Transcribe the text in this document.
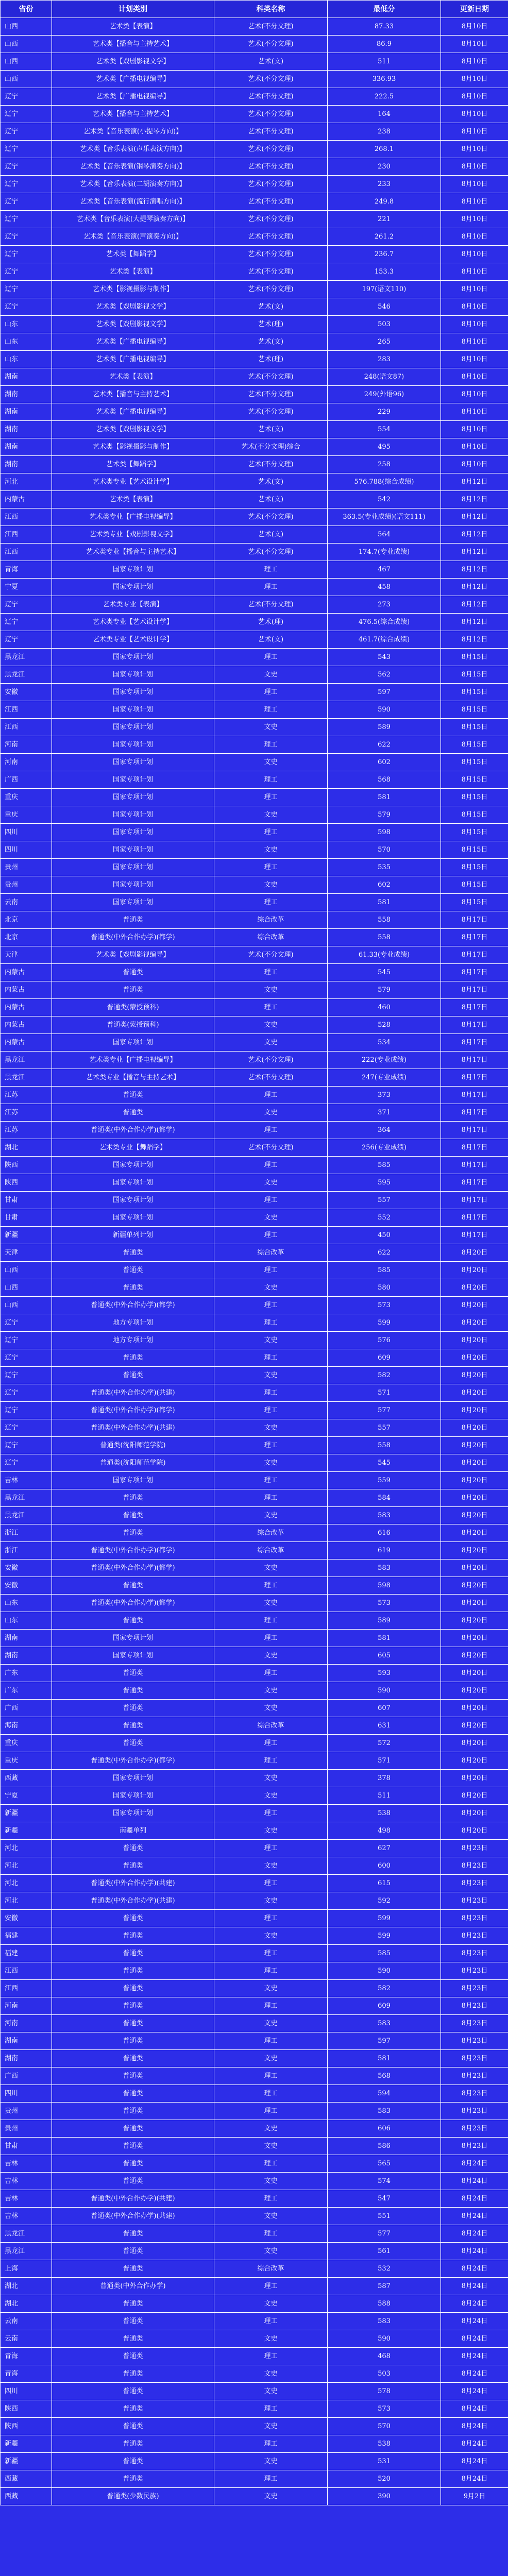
省份	计划类别	科类名称	最低分	更新日期
山西	艺术类【表演】	艺术(不分文理)	87.33	8月10日
山西	艺术类【播音与主持艺术】	艺术(不分文理)	86.9	8月10日
山西	艺术类【戏剧影视文学】	艺术(文)	511	8月10日
山西	艺术类【广播电视编导】	艺术(不分文理)	336.93	8月10日
辽宁	艺术类【广播电视编导】	艺术(不分文理)	222.5	8月10日
辽宁	艺术类【播音与主持艺术】	艺术(不分文理)	164	8月10日
辽宁	艺术类【音乐表演(小提琴方向)】	艺术(不分文理)	238	8月10日
辽宁	艺术类【音乐表演(声乐表演方向)】	艺术(不分文理)	268.1	8月10日
辽宁	艺术类【音乐表演(钢琴演奏方向)】	艺术(不分文理)	230	8月10日
辽宁	艺术类【音乐表演(二胡演奏方向)】	艺术(不分文理)	233	8月10日
辽宁	艺术类【音乐表演(流行演唱方向)】	艺术(不分文理)	249.8	8月10日
辽宁	艺术类【音乐表演(大提琴演奏方向)】	艺术(不分文理)	221	8月10日
辽宁	艺术类【音乐表演(声演奏方向)】	艺术(不分文理)	261.2	8月10日
辽宁	艺术类【舞蹈学】	艺术(不分文理)	236.7	8月10日
辽宁	艺术类【表演】	艺术(不分文理)	153.3	8月10日
辽宁	艺术类【影视摄影与制作】	艺术(不分文理)	197(语文110)	8月10日
辽宁	艺术类【戏剧影视文学】	艺术(文)	546	8月10日
山东	艺术类【戏剧影视文学】	艺术(理)	503	8月10日
山东	艺术类【广播电视编导】	艺术(文)	265	8月10日
山东	艺术类【广播电视编导】	艺术(理)	283	8月10日
湖南	艺术类【表演】	艺术(不分文理)	248(语文87)	8月10日
湖南	艺术类【播音与主持艺术】	艺术(不分文理)	249(外语96)	8月10日
湖南	艺术类【广播电视编导】	艺术(不分文理)	229	8月10日
湖南	艺术类【戏剧影视文学】	艺术(文)	554	8月10日
湖南	艺术类【影视摄影与制作】	艺术(不分文理)综合	495	8月10日
湖南	艺术类【舞蹈学】	艺术(不分文理)	258	8月10日
河北	艺术类专业【艺术设计学】	艺术(文)	576.788(综合成绩)	8月12日
内蒙古	艺术类【表演】	艺术(文)	542	8月12日
江西	艺术类专业【广播电视编导】	艺术(不分文理)	363.5(专业成绩)(语文111)	8月12日
江西	艺术类专业【戏剧影视文学】	艺术(文)	564	8月12日
江西	艺术类专业【播音与主持艺术】	艺术(不分文理)	174.7(专业成绩)	8月12日
青海	国家专项计划	理工	467	8月12日
宁夏	国家专项计划	理工	458	8月12日
辽宁	艺术类专业【表演】	艺术(不分文理)	273	8月12日
辽宁	艺术类专业【艺术设计学】	艺术(理)	476.5(综合成绩)	8月12日
辽宁	艺术类专业【艺术设计学】	艺术(文)	461.7(综合成绩)	8月12日
黑龙江	国家专项计划	理工	543	8月15日
黑龙江	国家专项计划	文史	562	8月15日
安徽	国家专项计划	理工	597	8月15日
江西	国家专项计划	理工	590	8月15日
江西	国家专项计划	文史	589	8月15日
河南	国家专项计划	理工	622	8月15日
河南	国家专项计划	文史	602	8月15日
广西	国家专项计划	理工	568	8月15日
重庆	国家专项计划	理工	581	8月15日
重庆	国家专项计划	文史	579	8月15日
四川	国家专项计划	理工	598	8月15日
四川	国家专项计划	文史	570	8月15日
贵州	国家专项计划	理工	535	8月15日
贵州	国家专项计划	文史	602	8月15日
云南	国家专项计划	理工	581	8月15日
北京	普通类	综合改革	558	8月17日
北京	普通类(中外合作办学)(都学)	综合改革	558	8月17日
天津	艺术类【戏剧影视编导】	艺术(不分文理)	61.33(专业成绩)	8月17日
内蒙古	普通类	理工	545	8月17日
内蒙古	普通类	文史	579	8月17日
内蒙古	普通类(蒙授预科)	理工	460	8月17日
内蒙古	普通类(蒙授预科)	文史	528	8月17日
内蒙古	国家专项计划	文史	534	8月17日
黑龙江	艺术类专业【广播电视编导】	艺术(不分文理)	222(专业成绩)	8月17日
黑龙江	艺术类专业【播音与主持艺术】	艺术(不分文理)	247(专业成绩)	8月17日
江苏	普通类	理工	373	8月17日
江苏	普通类	文史	371	8月17日
江苏	普通类(中外合作办学)(都学)	理工	364	8月17日
湖北	艺术类专业【舞蹈学】	艺术(不分文理)	256(专业成绩)	8月17日
陕西	国家专项计划	理工	585	8月17日
陕西	国家专项计划	文史	595	8月17日
甘肃	国家专项计划	理工	557	8月17日
甘肃	国家专项计划	文史	552	8月17日
新疆	新疆单列计划	理工	450	8月17日
天津	普通类	综合改革	622	8月20日
山西	普通类	理工	585	8月20日
山西	普通类	文史	580	8月20日
山西	普通类(中外合作办学)(都学)	理工	573	8月20日
辽宁	地方专项计划	理工	599	8月20日
辽宁	地方专项计划	文史	576	8月20日
辽宁	普通类	理工	609	8月20日
辽宁	普通类	文史	582	8月20日
辽宁	普通类(中外合作办学)(共建)	理工	571	8月20日
辽宁	普通类(中外合作办学)(都学)	理工	577	8月20日
辽宁	普通类(中外合作办学)(共建)	文史	557	8月20日
辽宁	普通类(沈阳师范学院)	理工	558	8月20日
辽宁	普通类(沈阳师范学院)	文史	545	8月20日
吉林	国家专项计划	理工	559	8月20日
黑龙江	普通类	理工	584	8月20日
黑龙江	普通类	文史	583	8月20日
浙江	普通类	综合改革	616	8月20日
浙江	普通类(中外合作办学)(都学)	综合改革	619	8月20日
安徽	普通类(中外合作办学)(都学)	文史	583	8月20日
安徽	普通类	理工	598	8月20日
山东	普通类(中外合作办学)(都学)	文史	573	8月20日
山东	普通类	理工	589	8月20日
湖南	国家专项计划	理工	581	8月20日
湖南	国家专项计划	文史	605	8月20日
广东	普通类	理工	593	8月20日
广东	普通类	文史	590	8月20日
广西	普通类	文史	607	8月20日
海南	普通类	综合改革	631	8月20日
重庆	普通类	理工	572	8月20日
重庆	普通类(中外合作办学)(都学)	理工	571	8月20日
西藏	国家专项计划	文史	378	8月20日
宁夏	国家专项计划	文史	511	8月20日
新疆	国家专项计划	理工	538	8月20日
新疆	南疆单列	文史	498	8月20日
河北	普通类	理工	627	8月23日
河北	普通类	文史	600	8月23日
河北	普通类(中外合作办学)(共建)	理工	615	8月23日
河北	普通类(中外合作办学)(共建)	文史	592	8月23日
安徽	普通类	理工	599	8月23日
福建	普通类	文史	599	8月23日
福建	普通类	理工	585	8月23日
江西	普通类	理工	590	8月23日
江西	普通类	文史	582	8月23日
河南	普通类	理工	609	8月23日
河南	普通类	文史	583	8月23日
湖南	普通类	理工	597	8月23日
湖南	普通类	文史	581	8月23日
广西	普通类	理工	568	8月23日
四川	普通类	理工	594	8月23日
贵州	普通类	理工	583	8月23日
贵州	普通类	文史	606	8月23日
甘肃	普通类	文史	586	8月23日
吉林	普通类	理工	565	8月24日
吉林	普通类	文史	574	8月24日
吉林	普通类(中外合作办学)(共建)	理工	547	8月24日
吉林	普通类(中外合作办学)(共建)	文史	551	8月24日
黑龙江	普通类	理工	577	8月24日
黑龙江	普通类	文史	561	8月24日
上海	普通类	综合改革	532	8月24日
湖北	普通类(中外合作办学)	理工	587	8月24日
湖北	普通类	文史	588	8月24日
云南	普通类	理工	583	8月24日
云南	普通类	文史	590	8月24日
青海	普通类	理工	468	8月24日
青海	普通类	文史	503	8月24日
四川	普通类	文史	578	8月24日
陕西	普通类	理工	573	8月24日
陕西	普通类	文史	570	8月24日
新疆	普通类	理工	538	8月24日
新疆	普通类	文史	531	8月24日
西藏	普通类	理工	520	8月24日
西藏	普通类(少数民族)	文史	390	9月2日
